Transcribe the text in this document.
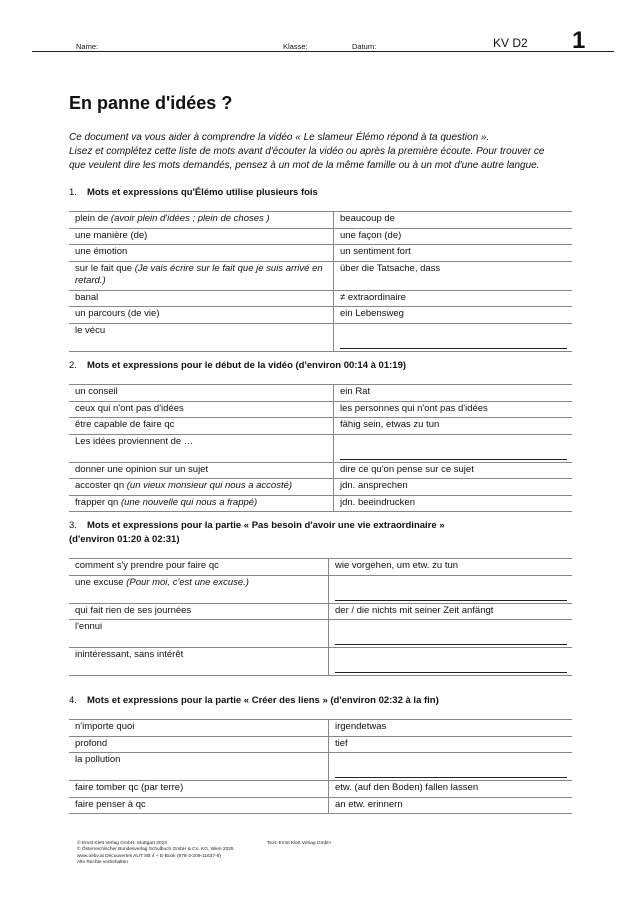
Name:	Klasse:	Datum:	KV D2 1
En panne d'idées ?
Ce document va vous aider à comprendre la vidéo « Le slameur Élémo répond à ta question ».
Lisez et complétez cette liste de mots avant d'écouter la vidéo ou après la première écoute. Pour trouver ce
que veulent dire les mots demandés, pensez à un mot de la même famille ou à un mot d'une autre langue.
1. Mots et expressions qu'Élémo utilise plusieurs fois
plein de (avoir plein d'idées ; plein de choses )	beaucoup de
une manière (de)	une façon (de)
une émotion	un sentiment fort
sur le fait que (Je vais écrire sur le fait que je suis arrivé en retard.)	über die Tatsache, dass
banal	≠ extraordinaire
un parcours (de vie)	ein Lebensweg
le vécu	
2. Mots et expressions pour le début de la vidéo (d'environ 00:14 à 01:19)
un conseil	ein Rat
ceux qui n'ont pas d'idées	les personnes qui n'ont pas d'idées
être capable de faire qc	fähig sein, etwas zu tun
Les idées proviennent de …	

donner une opinion sur un sujet	dire ce qu'on pense sur ce sujet
accoster qn (un vieux monsieur qui nous a accosté)	jdn. ansprechen
frapper qn (une nouvelle qui nous a frappé)	jdn. beeindrucken
3. Mots et expressions pour la partie « Pas besoin d'avoir une vie extraordinaire »
(d'environ 01:20 à 02:31)
comment s'y prendre pour faire qc	wie vorgehen, um etw. zu tun
une excuse (Pour moi, c'est une excuse.)	

qui fait rien de ses journées	der / die nichts mit seiner Zeit anfängt
l'ennui	

inintéressant, sans intérêt	
4. Mots et expressions pour la partie « Créer des liens » (d'environ 02:32 à la fin)
n'importe quoi	irgendetwas
profond	tief
la pollution	

faire tomber qc (par terre)	etw. (auf den Boden) fallen lassen
faire penser à qc	an etw. erinnern
© Ernst Klett Verlag GmbH, Stuttgart 2023
© Österreichischer Bundesverlag Schulbuch GmbH & Co. KG, Wien 2025
www.oebv.at Découvertes AUT SB 4 + E-Book (978-3-209-11637-6)
Alle Rechte vorbehalten
Text: Ernst Klett Verlag GmbH
